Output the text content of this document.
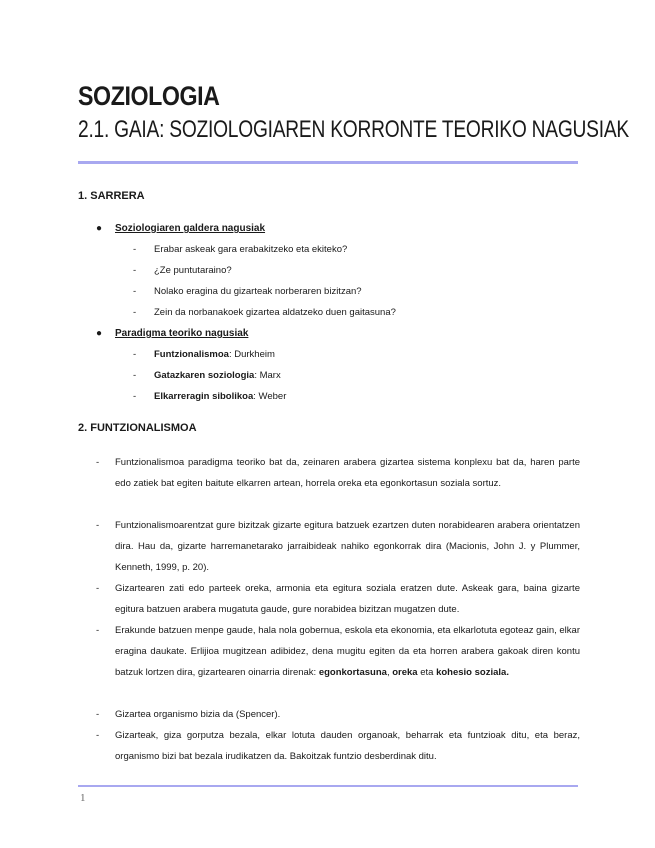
SOZIOLOGIA
2.1. GAIA: SOZIOLOGIAREN KORRONTE TEORIKO NAGUSIAK
1. SARRERA
●	Soziologiaren galdera nagusiak
- Erabar askeak gara erabakitzeko eta ekiteko?
- ¿Ze puntutaraino?
- Nolako eragina du gizarteak norberaren bizitzan?
- Zein da norbanakoek gizartea aldatzeko duen gaitasuna?
●	Paradigma teoriko nagusiak
- Funtzionalismoa: Durkheim
- Gatazkaren soziologia: Marx
- Elkarreragin sibolikoa: Weber
2. FUNTZIONALISMOA
- Funtzionalismoa paradigma teoriko bat da, zeinaren arabera gizartea sistema konplexu bat da, haren parte edo zatiek bat egiten baitute elkarren artean, horrela oreka eta egonkortasun soziala sortuz.
- Funtzionalismoarentzat gure bizitzak gizarte egitura batzuek ezartzen duten norabidearen arabera orientatzen dira. Hau da, gizarte harremanetarako jarraibideak nahiko egonkorrak dira (Macionis, John J. y Plummer, Kenneth, 1999, p. 20).
- Gizartearen zati edo parteek oreka, armonia eta egitura soziala eratzen dute. Askeak gara, baina gizarte egitura batzuen arabera mugatuta gaude, gure norabidea bizitzan mugatzen dute.
- Erakunde batzuen menpe gaude, hala nola gobernua, eskola eta ekonomia, eta elkarlotuta egoteaz gain, elkar eragina daukate. Erlijioa mugitzean adibidez, dena mugitu egiten da eta horren arabera gakoak diren kontu batzuk lortzen dira, gizartearen oinarria direnak: egonkortasuna, oreka eta kohesio soziala.
- Gizartea organismo bizia da (Spencer).
- Gizarteak, giza gorputza bezala, elkar lotuta dauden organoak, beharrak eta funtzioak ditu, eta beraz, organismo bizi bat bezala irudikatzen da. Bakoitzak funtzio desberdinak ditu.
1
